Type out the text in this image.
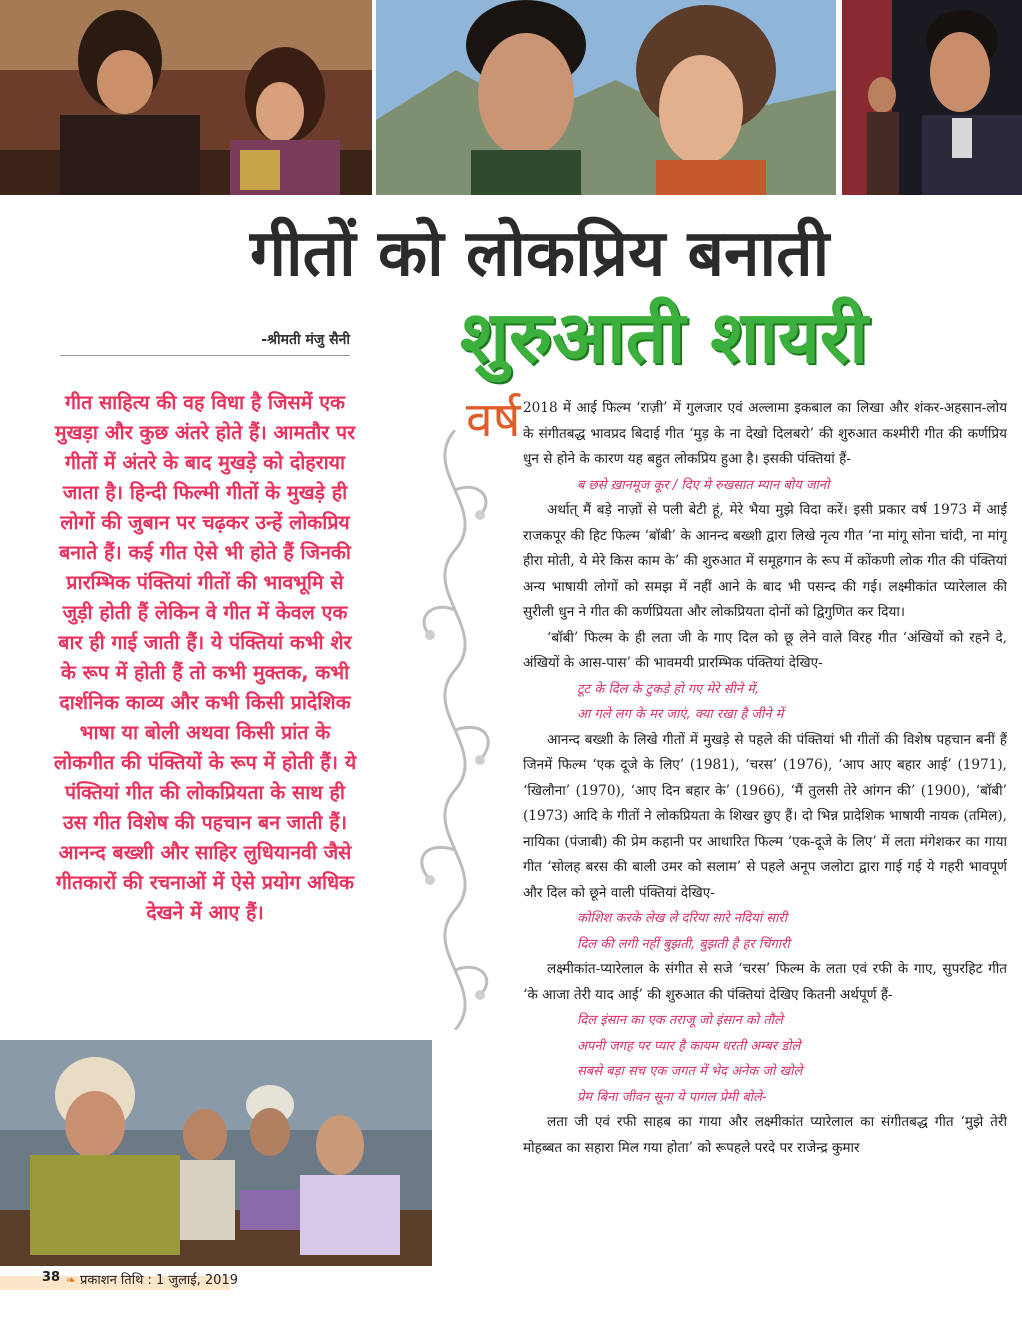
गीतों को लोकप्रिय बनाती
शुरुआती शायरी
-श्रीमती मंजु सैनी
गीत साहित्य की वह विधा है जिसमें एक मुखड़ा और कुछ अंतरे होते हैं। आमतौर पर गीतों में अंतरे के बाद मुखड़े को दोहराया जाता है। हिन्दी फिल्मी गीतों के मुखड़े ही लोगों की जुबान पर चढ़कर उन्हें लोकप्रिय बनाते हैं। कई गीत ऐसे भी होते हैं जिनकी प्रारम्भिक पंक्तियां गीतों की भावभूमि से जुड़ी होती हैं लेकिन वे गीत में केवल एक बार ही गाई जाती हैं। ये पंक्तियां कभी शेर के रूप में होती हैं तो कभी मुक्तक, कभी दार्शनिक काव्य और कभी किसी प्रादेशिक भाषा या बोली अथवा किसी प्रांत के लोकगीत की पंक्तियों के रूप में होती हैं। ये पंक्तियां गीत की लोकप्रियता के साथ ही उस गीत विशेष की पहचान बन जाती हैं। आनन्द बख्शी और साहिर लुधियानवी जैसे गीतकारों की रचनाओं में ऐसे प्रयोग अधिक देखने में आए हैं।
वर्ष 2018 में आई फिल्म ‘राज़ी’ में गुलजार एवं अल्लामा इकबाल का लिखा और शंकर-अहसान-लोय के संगीतबद्ध भावप्रद बिदाई गीत ‘मुड़ के ना देखो दिलबरो’ की शुरुआत कश्मीरी गीत की कर्णप्रिय धुन से होने के कारण यह बहुत लोकप्रिय हुआ है। इसकी पंक्तियां हैं-

ब छसे ख़ानमूज कूर / दिए मे रुखसात म्यान बोय जानो

अर्थात् मैं बड़े नाज़ों से पली बेटी हूं, मेरे भैया मुझे विदा करें। इसी प्रकार वर्ष 1973 में आई राजकपूर की हिट फिल्म ‘बॉबी’ के आनन्द बख्शी द्वारा लिखे नृत्य गीत ‘ना मांगू सोना चांदी, ना मांगू हीरा मोती, ये मेरे किस काम के’ की शुरुआत में समूहगान के रूप में कोंकणी लोक गीत की पंक्तियां अन्य भाषायी लोगों को समझ में नहीं आने के बाद भी पसन्द की गई। लक्ष्मीकांत प्यारेलाल की सुरीली धुन ने गीत की कर्णप्रियता और लोकप्रियता दोनों को द्विगुणित कर दिया।

‘बॉबी’ फिल्म के ही लता जी के गाए दिल को छू लेने वाले विरह गीत ‘अंखियों को रहने दे, अंखियों के आस-पास’ की भावमयी प्रारम्भिक पंक्तियां देखिए-

टूट के दिल के टुकड़े हो गए मेरे सीने में,

आ गले लग के मर जाएं, क्या रखा है जीने में

आनन्द बख्शी के लिखे गीतों में मुखड़े से पहले की पंक्तियां भी गीतों की विशेष पहचान बनीं हैं जिनमें फिल्म ‘एक दूजे के लिए’ (1981), ‘चरस’ (1976), ‘आप आए बहार आई’ (1971), ‘खिलौना’ (1970), ‘आए दिन बहार के’ (1966), ‘मैं तुलसी तेरे आंगन की’ (1900), ‘बॉबी’ (1973) आदि के गीतों ने लोकप्रियता के शिखर छुए हैं। दो भिन्न प्रादेशिक भाषायी नायक (तमिल), नायिका (पंजाबी) की प्रेम कहानी पर आधारित फिल्म ‘एक-दूजे के लिए’ में लता मंगेशकर का गाया गीत ‘सोलह बरस की बाली उमर को सलाम’ से पहले अनूप जलोटा द्वारा गाई गई ये गहरी भावपूर्ण और दिल को छूने वाली पंक्तियां देखिए-

कोशिश करके लेख ले दरिया सारे नदियां सारी

दिल की लगी नहीं बुझती, बुझती है हर चिंगारी

लक्ष्मीकांत-प्यारेलाल के संगीत से सजे ‘चरस’ फिल्म के लता एवं रफी के गाए, सुपरहिट गीत ‘के आजा तेरी याद आई’ की शुरुआत की पंक्तियां देखिए कितनी अर्थपूर्ण हैं-

दिल इंसान का एक तराजू जो इंसान को तौले

अपनी जगह पर प्यार है कायम धरती अम्बर डोले

सबसे बड़ा सच एक जगत में भेद अनेक जो खोले

प्रेम बिना जीवन सूना ये पागल प्रेमी बोले-

लता जी एवं रफी साहब का गाया और लक्ष्मीकांत प्यारेलाल का संगीतबद्ध गीत ‘मुझे तेरी मोहब्बत का सहारा मिल गया होता’ को रूपहले परदे पर राजेन्द्र कुमार

38 ❧ प्रकाशन तिथि : 1 जुलाई, 2019
